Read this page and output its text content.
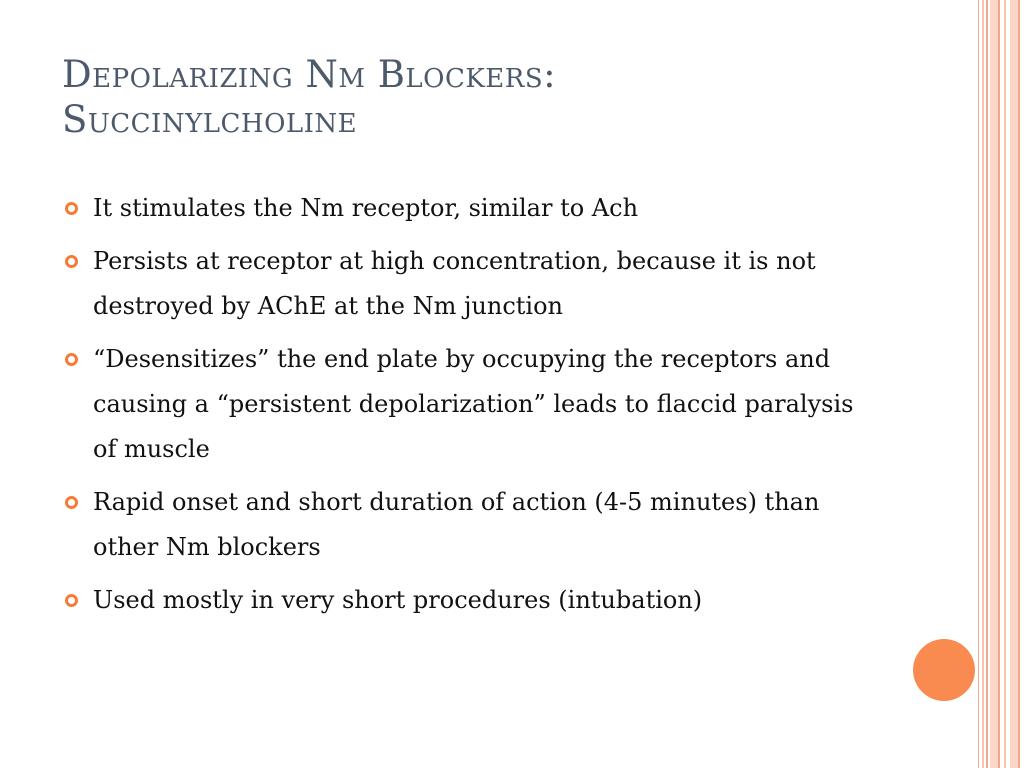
Depolarizing Nm Blockers:
Succinylcholine
It stimulates the Nm receptor, similar to Ach
Persists at receptor at high concentration, because it is not destroyed by AChE at the Nm junction
“Desensitizes” the end plate by occupying the receptors and causing a “persistent depolarization” leads to flaccid paralysis of muscle
Rapid onset and short duration of action (4-5 minutes) than other Nm blockers
Used mostly in very short procedures (intubation)
